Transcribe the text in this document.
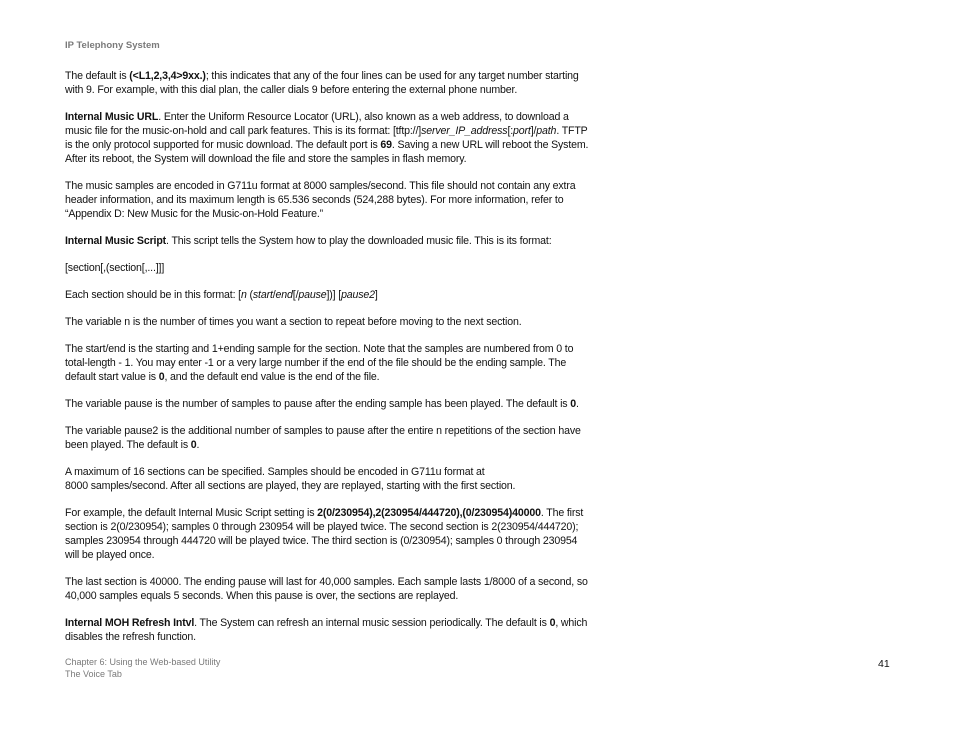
IP Telephony System

The default is (<L1,2,3,4>9xx.); this indicates that any of the four lines can be used for any target number starting with 9. For example, with this dial plan, the caller dials 9 before entering the external phone number.

Internal Music URL. Enter the Uniform Resource Locator (URL), also known as a web address, to download a music file for the music-on-hold and call park features. This is its format: [tftp://]server_IP_address[:port]/path. TFTP is the only protocol supported for music download. The default port is 69. Saving a new URL will reboot the System. After its reboot, the System will download the file and store the samples in flash memory.

The music samples are encoded in G711u format at 8000 samples/second. This file should not contain any extra header information, and its maximum length is 65.536 seconds (524,288 bytes). For more information, refer to “Appendix D: New Music for the Music-on-Hold Feature.”

Internal Music Script. This script tells the System how to play the downloaded music file. This is its format:

[section[,(section[,...]]]

Each section should be in this format: [n (start/end[/pause])] [pause2]

The variable n is the number of times you want a section to repeat before moving to the next section.

The start/end is the starting and 1+ending sample for the section. Note that the samples are numbered from 0 to total-length - 1. You may enter -1 or a very large number if the end of the file should be the ending sample. The default start value is 0, and the default end value is the end of the file.

The variable pause is the number of samples to pause after the ending sample has been played. The default is 0.

The variable pause2 is the additional number of samples to pause after the entire n repetitions of the section have been played. The default is 0.

A maximum of 16 sections can be specified. Samples should be encoded in G711u format at
8000 samples/second. After all sections are played, they are replayed, starting with the first section.

For example, the default Internal Music Script setting is 2(0/230954),2(230954/444720),(0/230954)40000. The first section is 2(0/230954); samples 0 through 230954 will be played twice. The second section is 2(230954/444720); samples 230954 through 444720 will be played twice. The third section is (0/230954); samples 0 through 230954 will be played once.

The last section is 40000. The ending pause will last for 40,000 samples. Each sample lasts 1/8000 of a second, so 40,000 samples equals 5 seconds. When this pause is over, the sections are replayed.

Internal MOH Refresh Intvl. The System can refresh an internal music session periodically. The default is 0, which disables the refresh function.

Chapter 6: Using the Web-based Utility
The Voice Tab
41
